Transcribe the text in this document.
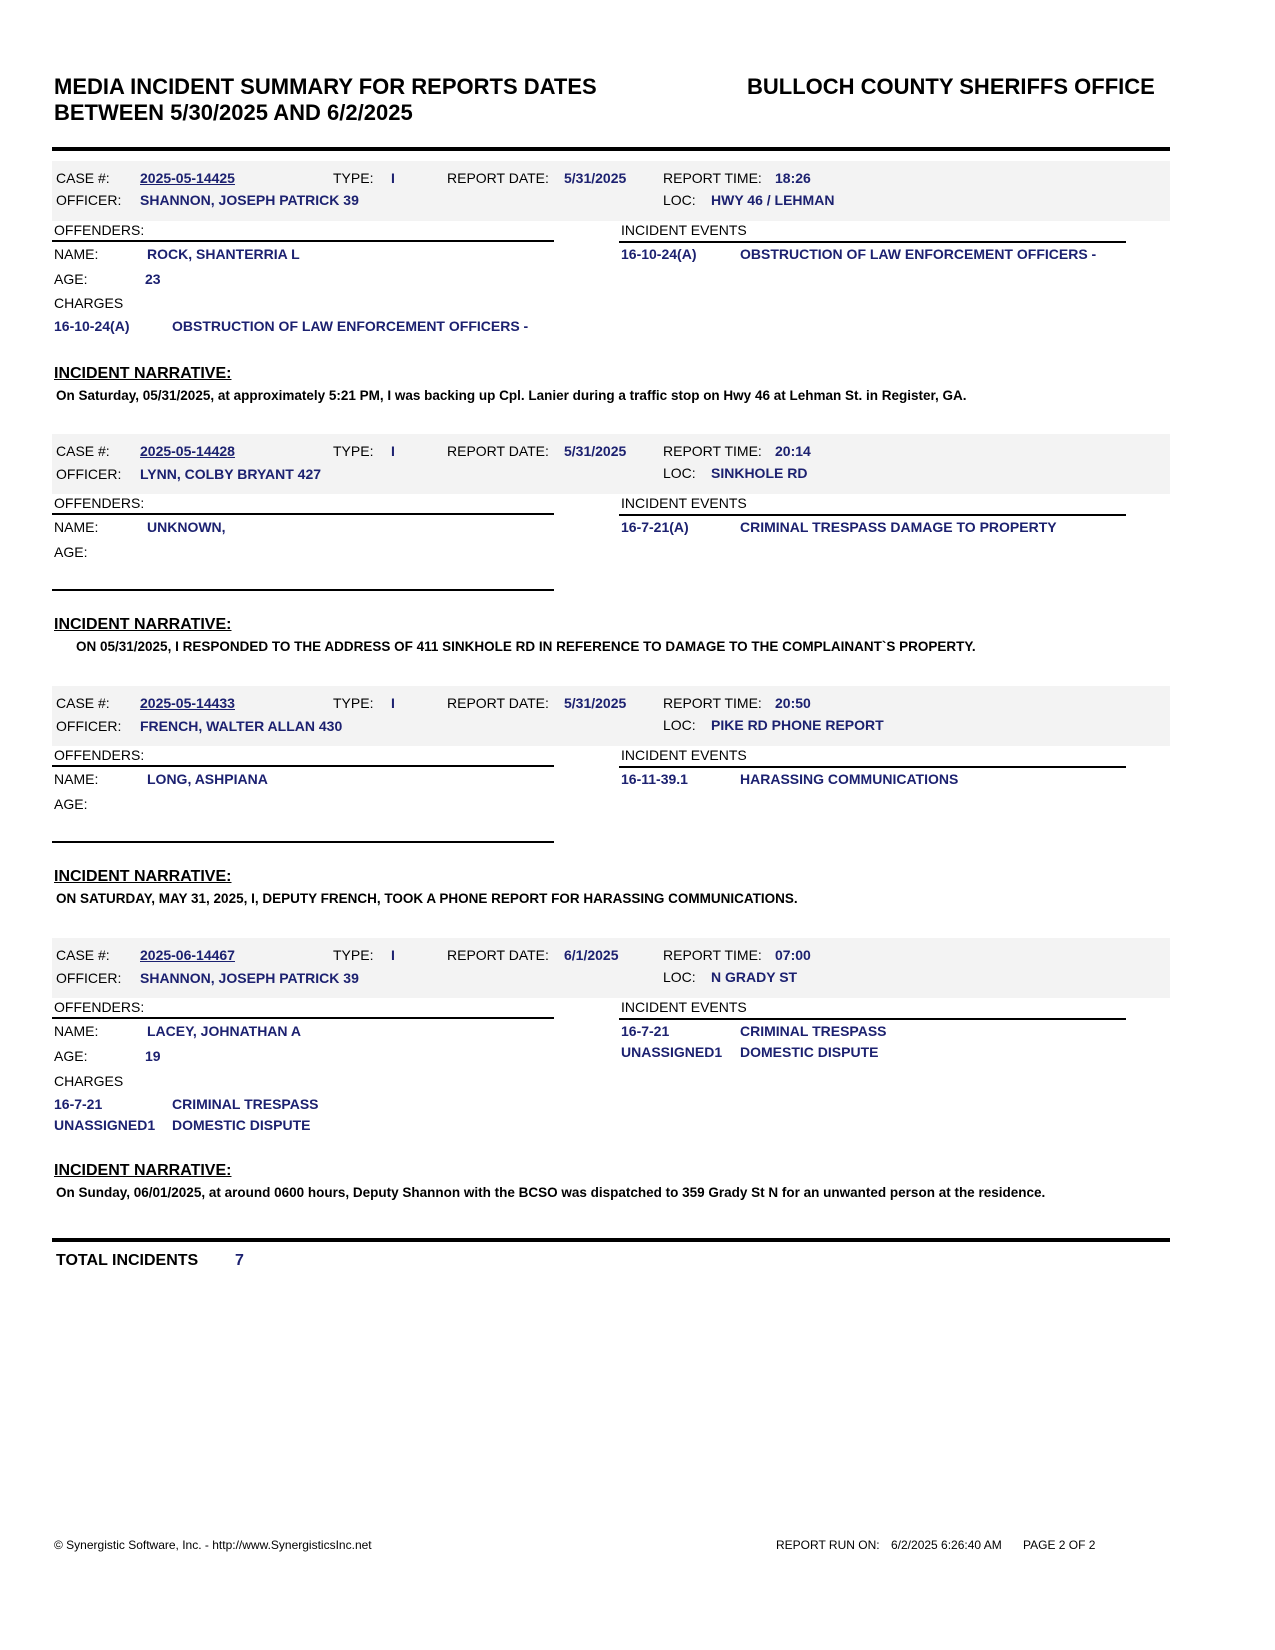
MEDIA INCIDENT SUMMARY FOR REPORTS DATES
BETWEEN 5/30/2025 AND 6/2/2025
BULLOCH COUNTY SHERIFFS OFFICE
CASE #: 2025-05-14425	TYPE: I	REPORT DATE: 5/31/2025	REPORT TIME: 18:26
OFFICER: SHANNON, JOSEPH PATRICK 39	LOC: HWY 46 / LEHMAN
OFFENDERS:	INCIDENT EVENTS
NAME:	ROCK, SHANTERRIA L
AGE:	23
CHARGES
16-10-24(A)	OBSTRUCTION OF LAW ENFORCEMENT OFFICERS -
16-10-24(A)	OBSTRUCTION OF LAW ENFORCEMENT OFFICERS -
INCIDENT NARRATIVE:
On Saturday, 05/31/2025, at approximately 5:21 PM, I was backing up Cpl. Lanier during a traffic stop on Hwy 46 at Lehman St. in Register, GA.
CASE #: 2025-05-14428	TYPE: I	REPORT DATE: 5/31/2025	REPORT TIME: 20:14
OFFICER: LYNN, COLBY BRYANT 427	LOC: SINKHOLE RD
OFFENDERS:	INCIDENT EVENTS
NAME:	UNKNOWN,
AGE:
16-7-21(A)	CRIMINAL TRESPASS DAMAGE TO PROPERTY
INCIDENT NARRATIVE:
ON 05/31/2025, I RESPONDED TO THE ADDRESS OF 411 SINKHOLE RD IN REFERENCE TO DAMAGE TO THE COMPLAINANT`S PROPERTY.
CASE #: 2025-05-14433	TYPE: I	REPORT DATE: 5/31/2025	REPORT TIME: 20:50
OFFICER: FRENCH, WALTER ALLAN 430	LOC: PIKE RD PHONE REPORT
OFFENDERS:	INCIDENT EVENTS
NAME:	LONG, ASHPIANA
AGE:
16-11-39.1	HARASSING COMMUNICATIONS
INCIDENT NARRATIVE:
ON SATURDAY, MAY 31, 2025, I, DEPUTY FRENCH, TOOK A PHONE REPORT FOR HARASSING COMMUNICATIONS.
CASE #: 2025-06-14467	TYPE: I	REPORT DATE: 6/1/2025	REPORT TIME: 07:00
OFFICER: SHANNON, JOSEPH PATRICK 39	LOC: N GRADY ST
OFFENDERS:	INCIDENT EVENTS
NAME:	LACEY, JOHNATHAN A
AGE:	19
CHARGES
16-7-21	CRIMINAL TRESPASS
UNASSIGNED1 DOMESTIC DISPUTE
16-7-21	CRIMINAL TRESPASS
UNASSIGNED1 DOMESTIC DISPUTE
INCIDENT NARRATIVE:
On Sunday, 06/01/2025, at around 0600 hours, Deputy Shannon with the BCSO was dispatched to 359 Grady St N for an unwanted person at the residence.
TOTAL INCIDENTS 7
© Synergistic Software, Inc. - http://www.SynergisticsInc.net	REPORT RUN ON: 6/2/2025 6:26:40 AM PAGE 2 OF 2
